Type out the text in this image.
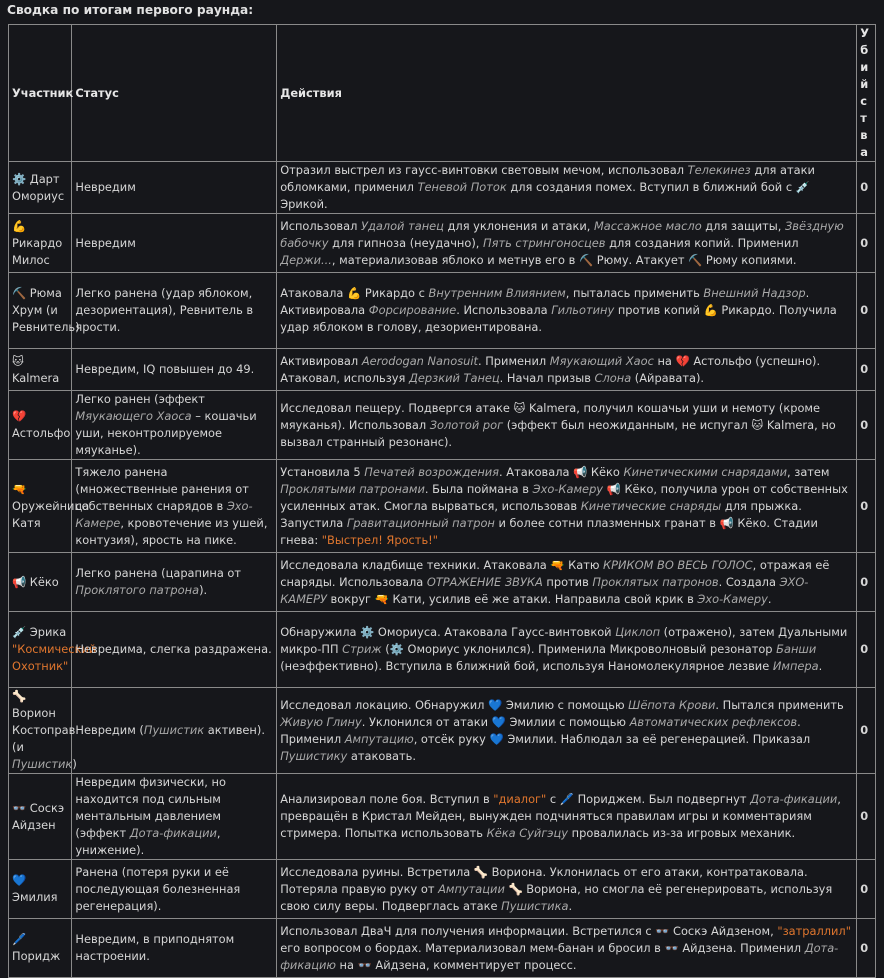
Сводка по итогам первого раунда:
Участник	Статус	Действия	Убийства
⚙️ Дарт Омориус	Невредим	Отразил выстрел из гаусс-винтовки световым мечом, использовал Телекинез для атаки обломками, применил Теневой Поток для создания помех. Вступил в ближний бой с 💉 Эрикой.	0
💪 Рикардо Милос	Невредим	Использовал Удалой танец для уклонения и атаки, Массажное масло для защиты, Звёздную бабочку для гипноза (неудачно), Пять стрингоносцев для создания копий. Применил Держи..., материализовав яблоко и метнув его в ⛏️ Рюму. Атакует ⛏️ Рюму копиями.	0
⛏️ Рюма Хрум (и Ревнитель)	Легко ранена (удар яблоком, дезориентация), Ревнитель в ярости.	Атаковала 💪 Рикардо с Внутренним Влиянием, пыталась применить Внешний Надзор. Активировала Форсирование. Использовала Гильотину против копий 💪 Рикардо. Получила удар яблоком в голову, дезориентирована.	0
🐱 Kalmera	Невредим, IQ повышен до 49.	Активировал Aerodogan Nanosuit. Применил Мяукающий Хаос на 💔 Астольфо (успешно). Атаковал, используя Дерзкий Танец. Начал призыв Слона (Айравата).	0
💔 Астольфо	Легко ранен (эффект Мяукающего Хаоса – кошачьи уши, неконтролируемое мяуканье).	Исследовал пещеру. Подвергся атаке 🐱 Kalmera, получил кошачьи уши и немоту (кроме мяуканья). Использовал Золотой рог (эффект был неожиданным, не испугал 🐱 Kalmera, но вызвал странный резонанс).	0
🔫 Оружейница Катя	Тяжело ранена (множественные ранения от собственных снарядов в Эхо-Камере, кровотечение из ушей, контузия), ярость на пике.	Установила 5 Печатей возрождения. Атаковала 📢 Кёко Кинетическими снарядами, затем Проклятыми патронами. Была поймана в Эхо-Камеру 📢 Кёко, получила урон от собственных усиленных атак. Смогла вырваться, использовав Кинетические снаряды для прыжка. Запустила Гравитационный патрон и более сотни плазменных гранат в 📢 Кёко. Стадии гнева: "Выстрел! Ярость!"	0
📢 Кёко	Легко ранена (царапина от Проклятого патрона).	Исследовала кладбище техники. Атаковала 🔫 Катю КРИКОМ ВО ВЕСЬ ГОЛОС, отражая её снаряды. Использовала ОТРАЖЕНИЕ ЗВУКА против Проклятых патронов. Создала ЭХО-КАМЕРУ вокруг 🔫 Кати, усилив её же атаки. Направила свой крик в Эхо-Камеру.	0
💉 Эрика "Космический Охотник"	Невредима, слегка раздражена.	Обнаружила ⚙️ Омориуса. Атаковала Гаусс-винтовкой Циклоп (отражено), затем Дуальными микро-ПП Стриж (⚙️ Омориус уклонился). Применила Микроволновый резонатор Банши (неэффективно). Вступила в ближний бой, используя Наномолекулярное лезвие Импера.	0
🦴 Ворион Костоправ (и Пушистик)	Невредим (Пушистик активен).	Исследовал локацию. Обнаружил 💙 Эмилию с помощью Шёпота Крови. Пытался применить Живую Глину. Уклонился от атаки 💙 Эмилии с помощью Автоматических рефлексов. Применил Ампутацию, отсёк руку 💙 Эмилии. Наблюдал за её регенерацией. Приказал Пушистику атаковать.	0
👓 Соскэ Айдзен	Невредим физически, но находится под сильным ментальным давлением (эффект Дота-фикации, унижение).	Анализировал поле боя. Вступил в "диалог" с 🖊️ Пориджем. Был подвергнут Дота-фикации, превращён в Кристал Мейден, вынужден подчиняться правилам игры и комментариям стримера. Попытка использовать Кёка Суйгэцу провалилась из-за игровых механик.	0
💙 Эмилия	Ранена (потеря руки и её последующая болезненная регенерация).	Исследовала руины. Встретила 🦴 Вориона. Уклонилась от его атаки, контратаковала. Потеряла правую руку от Ампутации 🦴 Вориона, но смогла её регенерировать, используя свою силу веры. Подверглась атаке Пушистика.	0
🖊️ Поридж	Невредим, в приподнятом настроении.	Использовал ДваЧ для получения информации. Встретился с 👓 Соскэ Айдзеном, "затраллил" его вопросом о бордах. Материализовал мем-банан и бросил в 👓 Айдзена. Применил Дота-фикацию на 👓 Айдзена, комментирует процесс.	0
